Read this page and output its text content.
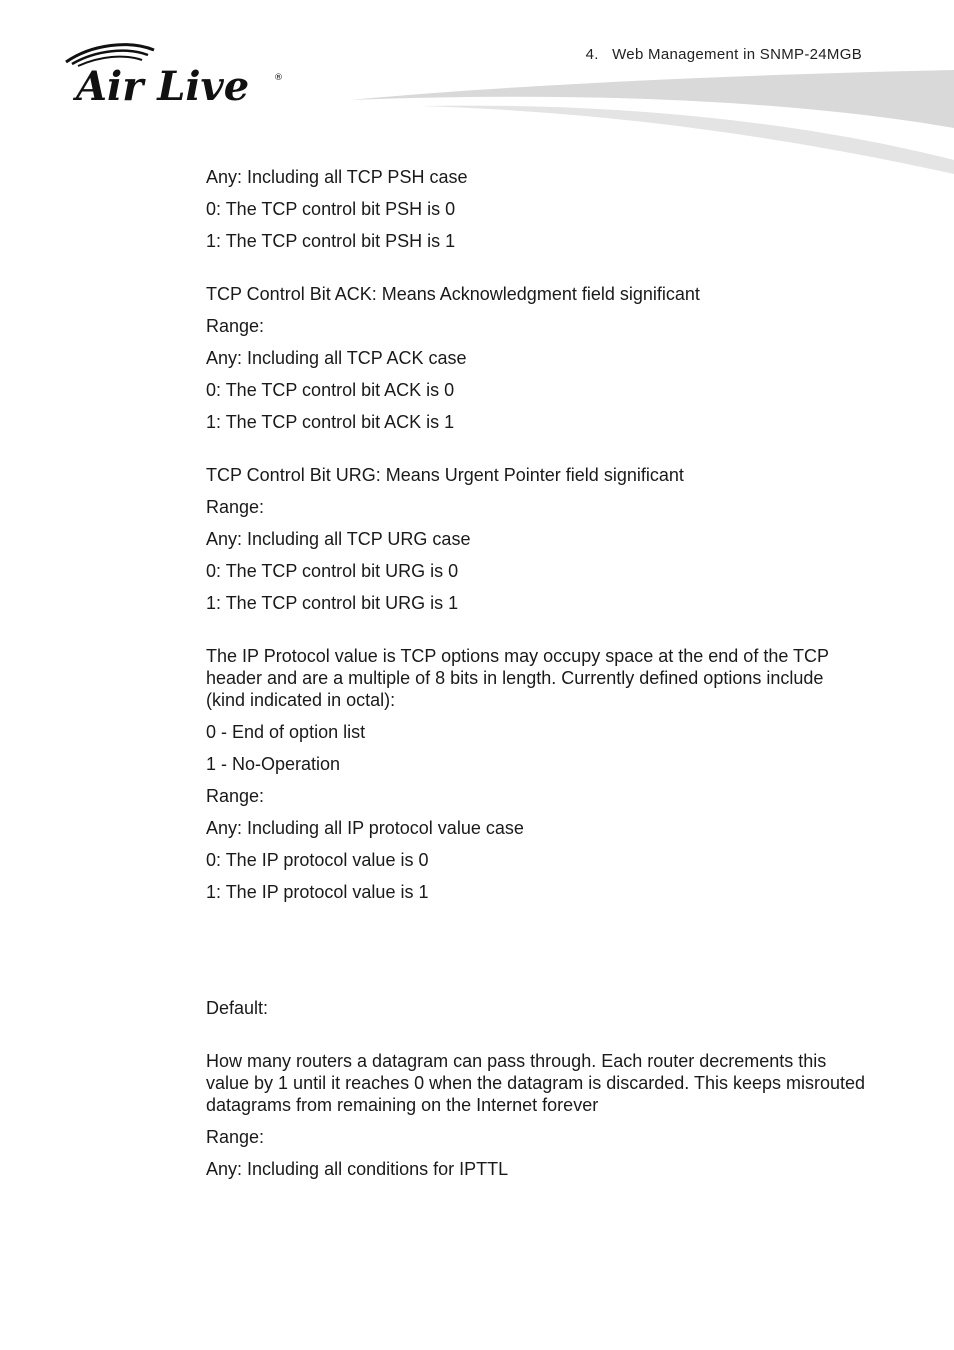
Air Live	®
4. Web Management in SNMP-24MGB
Any: Including all TCP PSH case
0: The TCP control bit PSH is 0
1: The TCP control bit PSH is 1
TCP Control Bit ACK: Means Acknowledgment field significant
Range:
Any: Including all TCP ACK case
0: The TCP control bit ACK is 0
1: The TCP control bit ACK is 1
TCP Control Bit URG: Means Urgent Pointer field significant
Range:
Any: Including all TCP URG case
0: The TCP control bit URG is 0
1: The TCP control bit URG is 1
The IP Protocol value is TCP options may occupy space at the end of the TCP header and are a multiple of 8 bits in length. Currently defined options include (kind indicated in octal):
0 - End of option list
1 - No-Operation
Range:
Any: Including all IP protocol value case
0: The IP protocol value is 0
1: The IP protocol value is 1
Default:
How many routers a datagram can pass through. Each router decrements this value by 1 until it reaches 0 when the datagram is discarded. This keeps misrouted datagrams from remaining on the Internet forever
Range:
Any: Including all conditions for IPTTL
